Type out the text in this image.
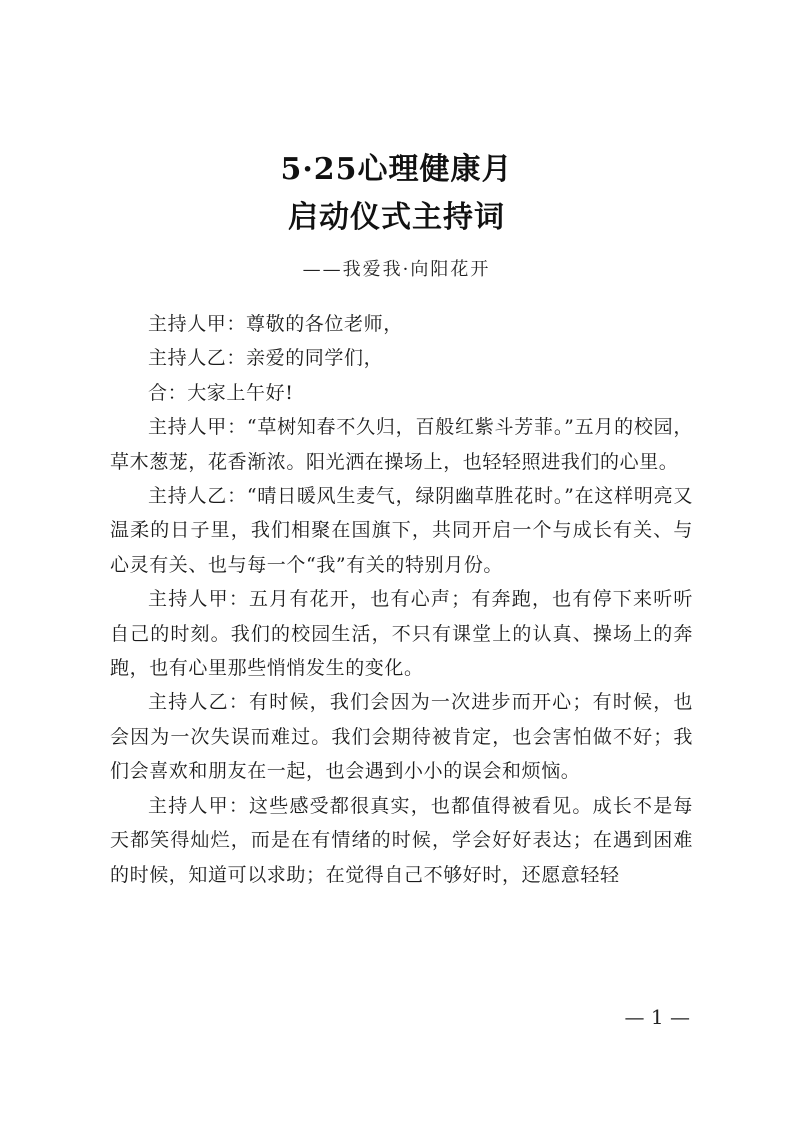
5·25心理健康月
启动仪式主持词
——我爱我·向阳花开

主持人甲：尊敬的各位老师，

主持人乙：亲爱的同学们，

合：大家上午好!

主持人甲：“草树知春不久归，百般红紫斗芳菲。”五月的校园，草木葱茏，花香渐浓。阳光洒在操场上，也轻轻照进我们的心里。

主持人乙：“晴日暖风生麦气，绿阴幽草胜花时。”在这样明亮又温柔的日子里，我们相聚在国旗下，共同开启一个与成长有关、与心灵有关、也与每一个“我”有关的特别月份。

主持人甲：五月有花开，也有心声；有奔跑，也有停下来听听自己的时刻。我们的校园生活，不只有课堂上的认真、操场上的奔跑，也有心里那些悄悄发生的变化。

主持人乙：有时候，我们会因为一次进步而开心；有时候，也会因为一次失误而难过。我们会期待被肯定，也会害怕做不好；我们会喜欢和朋友在一起，也会遇到小小的误会和烦恼。

主持人甲：这些感受都很真实，也都值得被看见。成长不是每天都笑得灿烂，而是在有情绪的时候，学会好好表达；在遇到困难的时候，知道可以求助；在觉得自己不够好时，还愿意轻轻

— 1 —
